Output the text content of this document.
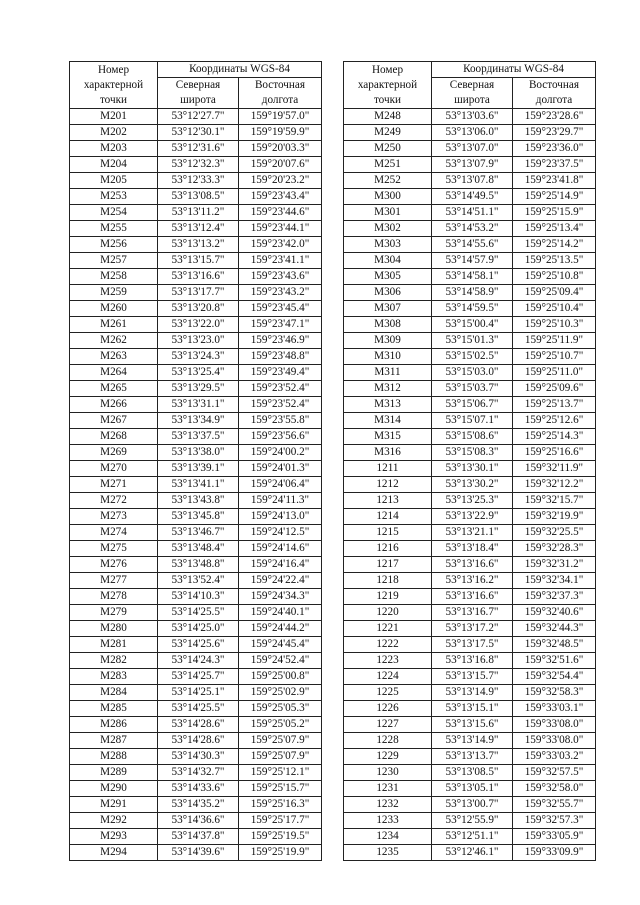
Номер характерной точки	Координаты WGS-84	
	Северная широта	Восточная долгота
М201	53°12'27.7"	159°19'57.0"
М202	53°12'30.1"	159°19'59.9"
М203	53°12'31.6"	159°20'03.3"
М204	53°12'32.3"	159°20'07.6"
М205	53°12'33.3"	159°20'23.2"
М253	53°13'08.5"	159°23'43.4"
М254	53°13'11.2"	159°23'44.6"
М255	53°13'12.4"	159°23'44.1"
М256	53°13'13.2"	159°23'42.0"
М257	53°13'15.7"	159°23'41.1"
М258	53°13'16.6"	159°23'43.6"
М259	53°13'17.7"	159°23'43.2"
М260	53°13'20.8"	159°23'45.4"
М261	53°13'22.0"	159°23'47.1"
М262	53°13'23.0"	159°23'46.9"
М263	53°13'24.3"	159°23'48.8"
М264	53°13'25.4"	159°23'49.4"
М265	53°13'29.5"	159°23'52.4"
М266	53°13'31.1"	159°23'52.4"
М267	53°13'34.9"	159°23'55.8"
М268	53°13'37.5"	159°23'56.6"
М269	53°13'38.0"	159°24'00.2"
М270	53°13'39.1"	159°24'01.3"
М271	53°13'41.1"	159°24'06.4"
М272	53°13'43.8"	159°24'11.3"
М273	53°13'45.8"	159°24'13.0"
М274	53°13'46.7"	159°24'12.5"
М275	53°13'48.4"	159°24'14.6"
М276	53°13'48.8"	159°24'16.4"
М277	53°13'52.4"	159°24'22.4"
М278	53°14'10.3"	159°24'34.3"
М279	53°14'25.5"	159°24'40.1"
М280	53°14'25.0"	159°24'44.2"
М281	53°14'25.6"	159°24'45.4"
М282	53°14'24.3"	159°24'52.4"
М283	53°14'25.7"	159°25'00.8"
М284	53°14'25.1"	159°25'02.9"
М285	53°14'25.5"	159°25'05.3"
М286	53°14'28.6"	159°25'05.2"
М287	53°14'28.6"	159°25'07.9"
М288	53°14'30.3"	159°25'07.9"
М289	53°14'32.7"	159°25'12.1"
М290	53°14'33.6"	159°25'15.7"
М291	53°14'35.2"	159°25'16.3"
М292	53°14'36.6"	159°25'17.7"
М293	53°14'37.8"	159°25'19.5"
М294	53°14'39.6"	159°25'19.9"
Номер характерной точки	Координаты WGS-84	
	Северная широта	Восточная долгота
М248	53°13'03.6"	159°23'28.6"
М249	53°13'06.0"	159°23'29.7"
М250	53°13'07.0"	159°23'36.0"
М251	53°13'07.9"	159°23'37.5"
М252	53°13'07.8"	159°23'41.8"
М300	53°14'49.5"	159°25'14.9"
М301	53°14'51.1"	159°25'15.9"
М302	53°14'53.2"	159°25'13.4"
М303	53°14'55.6"	159°25'14.2"
М304	53°14'57.9"	159°25'13.5"
М305	53°14'58.1"	159°25'10.8"
М306	53°14'58.9"	159°25'09.4"
М307	53°14'59.5"	159°25'10.4"
М308	53°15'00.4"	159°25'10.3"
М309	53°15'01.3"	159°25'11.9"
М310	53°15'02.5"	159°25'10.7"
М311	53°15'03.0"	159°25'11.0"
М312	53°15'03.7"	159°25'09.6"
М313	53°15'06.7"	159°25'13.7"
М314	53°15'07.1"	159°25'12.6"
М315	53°15'08.6"	159°25'14.3"
М316	53°15'08.3"	159°25'16.6"
1211	53°13'30.1"	159°32'11.9"
1212	53°13'30.2"	159°32'12.2"
1213	53°13'25.3"	159°32'15.7"
1214	53°13'22.9"	159°32'19.9"
1215	53°13'21.1"	159°32'25.5"
1216	53°13'18.4"	159°32'28.3"
1217	53°13'16.6"	159°32'31.2"
1218	53°13'16.2"	159°32'34.1"
1219	53°13'16.6"	159°32'37.3"
1220	53°13'16.7"	159°32'40.6"
1221	53°13'17.2"	159°32'44.3"
1222	53°13'17.5"	159°32'48.5"
1223	53°13'16.8"	159°32'51.6"
1224	53°13'15.7"	159°32'54.4"
1225	53°13'14.9"	159°32'58.3"
1226	53°13'15.1"	159°33'03.1"
1227	53°13'15.6"	159°33'08.0"
1228	53°13'14.9"	159°33'08.0"
1229	53°13'13.7"	159°33'03.2"
1230	53°13'08.5"	159°32'57.5"
1231	53°13'05.1"	159°32'58.0"
1232	53°13'00.7"	159°32'55.7"
1233	53°12'55.9"	159°32'57.3"
1234	53°12'51.1"	159°33'05.9"
1235	53°12'46.1"	159°33'09.9"
